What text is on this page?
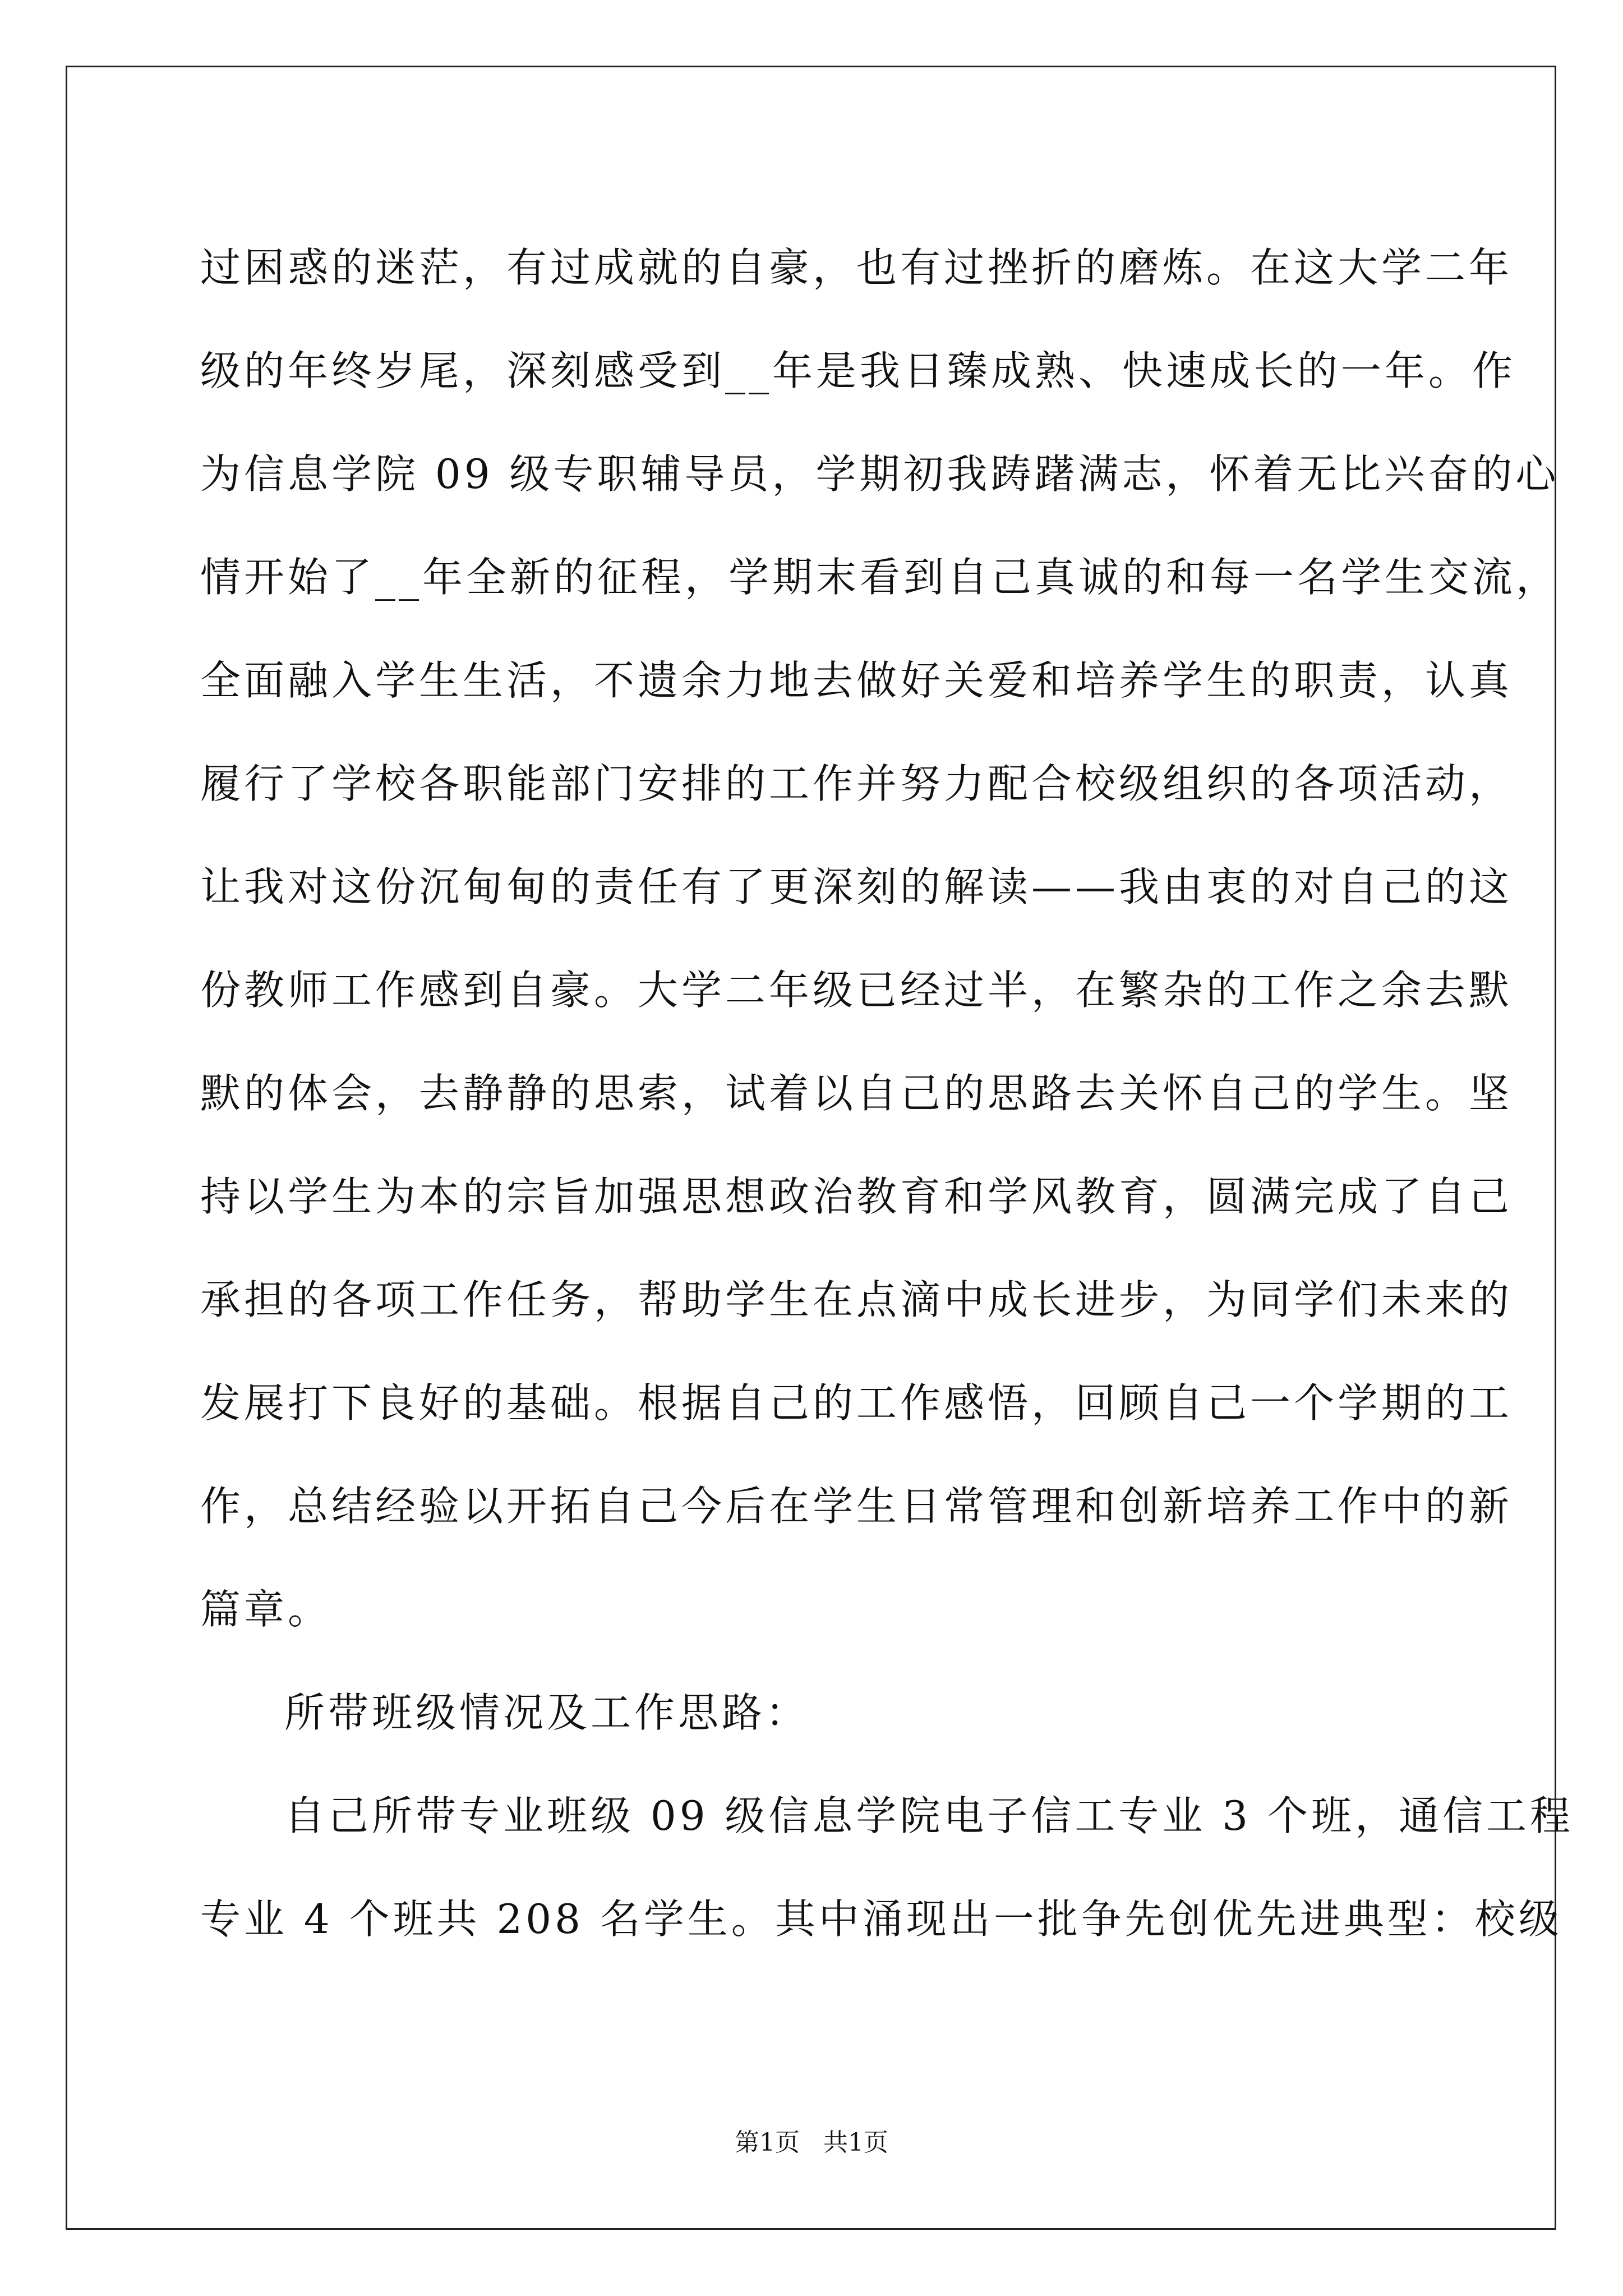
过困惑的迷茫，有过成就的自豪，也有过挫折的磨炼。在这大学二年
级的年终岁尾，深刻感受到__年是我日臻成熟、快速成长的一年。作
为信息学院 09 级专职辅导员，学期初我踌躇满志，怀着无比兴奋的心
情开始了__年全新的征程，学期末看到自己真诚的和每一名学生交流，
全面融入学生生活，不遗余力地去做好关爱和培养学生的职责，认真
履行了学校各职能部门安排的工作并努力配合校级组织的各项活动，
让我对这份沉甸甸的责任有了更深刻的解读——我由衷的对自己的这
份教师工作感到自豪。大学二年级已经过半，在繁杂的工作之余去默
默的体会，去静静的思索，试着以自己的思路去关怀自己的学生。坚
持以学生为本的宗旨加强思想政治教育和学风教育，圆满完成了自己
承担的各项工作任务，帮助学生在点滴中成长进步，为同学们未来的
发展打下良好的基础。根据自己的工作感悟，回顾自己一个学期的工
作，总结经验以开拓自己今后在学生日常管理和创新培养工作中的新
篇章。
所带班级情况及工作思路：
自己所带专业班级 09 级信息学院电子信工专业 3 个班，通信工程
专业 4 个班共 208 名学生。其中涌现出一批争先创优先进典型：校级
第1页   共1页
